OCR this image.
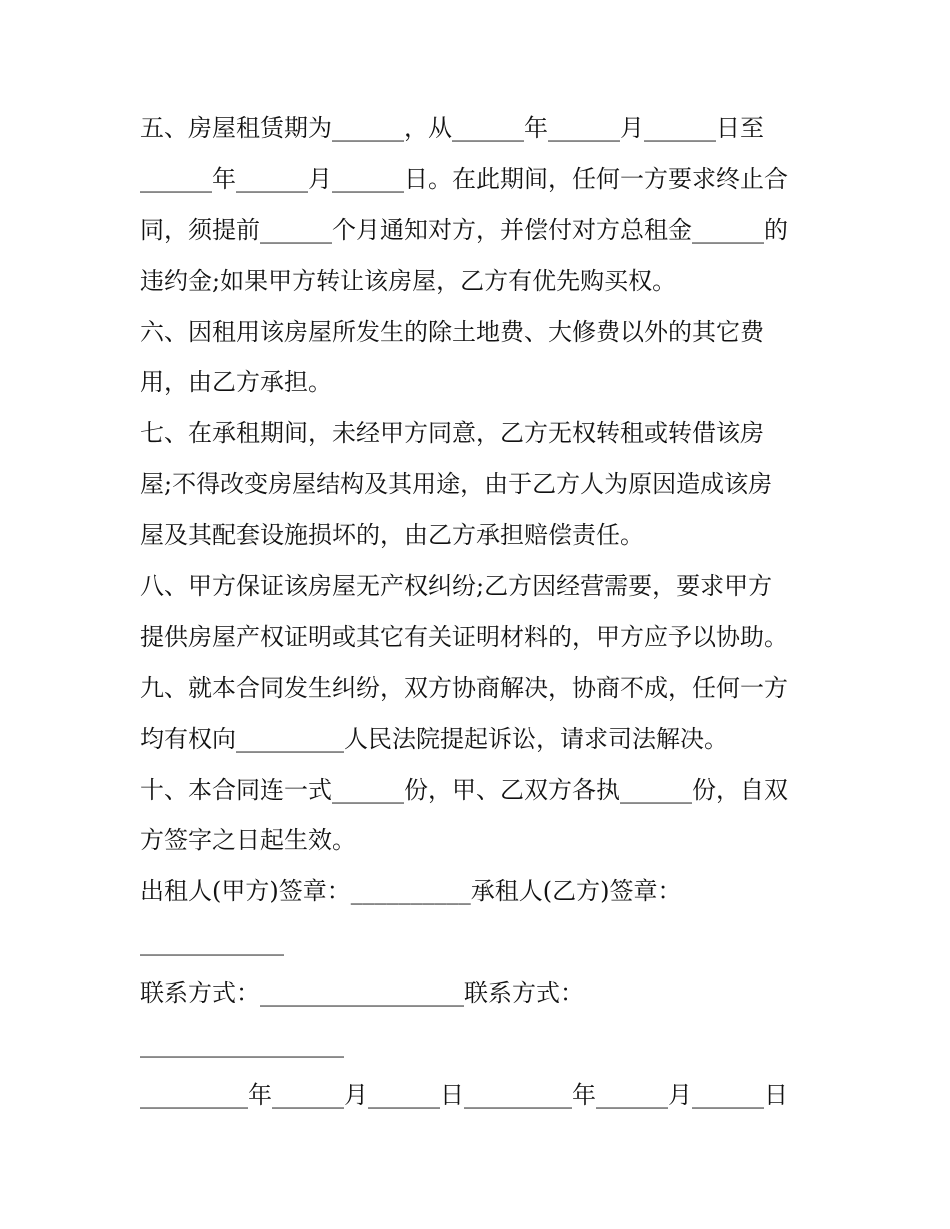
五、房屋租赁期为______，从______年______月______日至
______年______月______日。在此期间，任何一方要求终止合
同，须提前______个月通知对方，并偿付对方总租金______的
违约金;如果甲方转让该房屋，乙方有优先购买权。
六、因租用该房屋所发生的除土地费、大修费以外的其它费
用，由乙方承担。
七、在承租期间，未经甲方同意，乙方无权转租或转借该房
屋;不得改变房屋结构及其用途，由于乙方人为原因造成该房
屋及其配套设施损坏的，由乙方承担赔偿责任。
八、甲方保证该房屋无产权纠纷;乙方因经营需要，要求甲方
提供房屋产权证明或其它有关证明材料的，甲方应予以协助。
九、就本合同发生纠纷，双方协商解决，协商不成，任何一方
均有权向_________人民法院提起诉讼，请求司法解决。
十、本合同连一式______份，甲、乙双方各执______份，自双
方签字之日起生效。
出租人(甲方)签章：__________承租人(乙方)签章：
____________
联系方式：_________________联系方式：
_________________
_________年______月______日_________年______月______日
